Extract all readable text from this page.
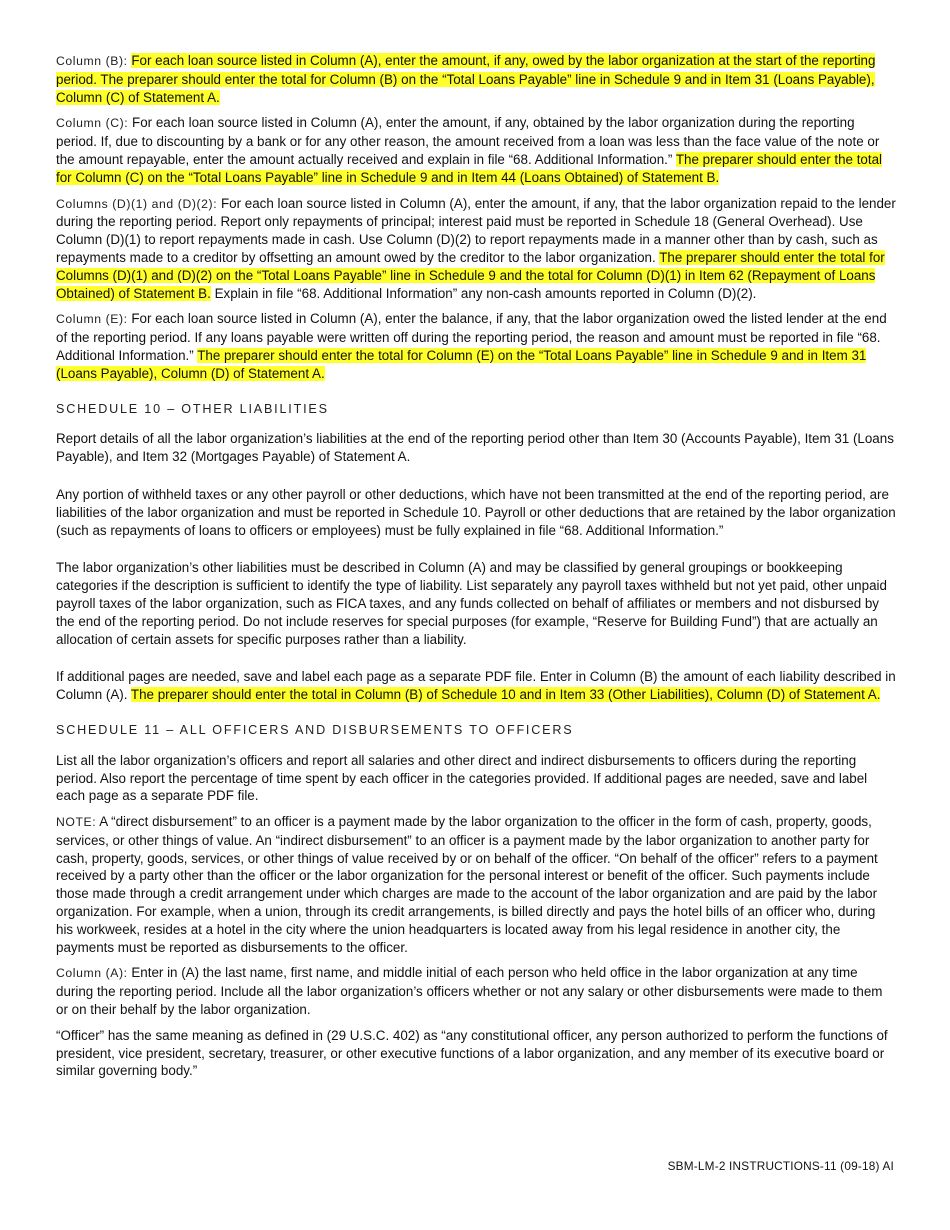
Column (B): For each loan source listed in Column (A), enter the amount, if any, owed by the labor organization at the start of the reporting period. The preparer should enter the total for Column (B) on the “Total Loans Payable” line in Schedule 9 and in Item 31 (Loans Payable), Column (C) of Statement A.

Column (C): For each loan source listed in Column (A), enter the amount, if any, obtained by the labor organization during the reporting period. If, due to discounting by a bank or for any other reason, the amount received from a loan was less than the face value of the note or the amount repayable, enter the amount actually received and explain in file “68. Additional Information.” The preparer should enter the total for Column (C) on the “Total Loans Payable” line in Schedule 9 and in Item 44 (Loans Obtained) of Statement B.

Columns (D)(1) and (D)(2): For each loan source listed in Column (A), enter the amount, if any, that the labor organization repaid to the lender during the reporting period. Report only repayments of principal; interest paid must be reported in Schedule 18 (General Overhead). Use Column (D)(1) to report repayments made in cash. Use Column (D)(2) to report repayments made in a manner other than by cash, such as repayments made to a creditor by offsetting an amount owed by the creditor to the labor organization. The preparer should enter the total for Columns (D)(1) and (D)(2) on the “Total Loans Payable” line in Schedule 9 and the total for Column (D)(1) in Item 62 (Repayment of Loans Obtained) of Statement B. Explain in file “68. Additional Information” any non-cash amounts reported in Column (D)(2).

Column (E): For each loan source listed in Column (A), enter the balance, if any, that the labor organization owed the listed lender at the end of the reporting period. If any loans payable were written off during the reporting period, the reason and amount must be reported in file “68. Additional Information.” The preparer should enter the total for Column (E) on the “Total Loans Payable” line in Schedule 9 and in Item 31 (Loans Payable), Column (D) of Statement A.

SCHEDULE 10 – OTHER LIABILITIES

Report details of all the labor organization’s liabilities at the end of the reporting period other than Item 30 (Accounts Payable), Item 31 (Loans Payable), and Item 32 (Mortgages Payable) of Statement A.

Any portion of withheld taxes or any other payroll or other deductions, which have not been transmitted at the end of the reporting period, are liabilities of the labor organization and must be reported in Schedule 10. Payroll or other deductions that are retained by the labor organization (such as repayments of loans to officers or employees) must be fully explained in file “68. Additional Information.”

The labor organization’s other liabilities must be described in Column (A) and may be classified by general groupings or bookkeeping categories if the description is sufficient to identify the type of liability. List separately any payroll taxes withheld but not yet paid, other unpaid payroll taxes of the labor organization, such as FICA taxes, and any funds collected on behalf of affiliates or members and not disbursed by the end of the reporting period. Do not include reserves for special purposes (for example, “Reserve for Building Fund”) that are actually an allocation of certain assets for specific purposes rather than a liability.

If additional pages are needed, save and label each page as a separate PDF file. Enter in Column (B) the amount of each liability described in Column (A). The preparer should enter the total in Column (B) of Schedule 10 and in Item 33 (Other Liabilities), Column (D) of Statement A.

SCHEDULE 11 – ALL OFFICERS AND DISBURSEMENTS TO OFFICERS

List all the labor organization’s officers and report all salaries and other direct and indirect disbursements to officers during the reporting period. Also report the percentage of time spent by each officer in the categories provided. If additional pages are needed, save and label each page as a separate PDF file.

NOTE: A “direct disbursement” to an officer is a payment made by the labor organization to the officer in the form of cash, property, goods, services, or other things of value. An “indirect disbursement” to an officer is a payment made by the labor organization to another party for cash, property, goods, services, or other things of value received by or on behalf of the officer. “On behalf of the officer” refers to a payment received by a party other than the officer or the labor organization for the personal interest or benefit of the officer. Such payments include those made through a credit arrangement under which charges are made to the account of the labor organization and are paid by the labor organization. For example, when a union, through its credit arrangements, is billed directly and pays the hotel bills of an officer who, during his workweek, resides at a hotel in the city where the union headquarters is located away from his legal residence in another city, the payments must be reported as disbursements to the officer.

Column (A): Enter in (A) the last name, first name, and middle initial of each person who held office in the labor organization at any time during the reporting period. Include all the labor organization’s officers whether or not any salary or other disbursements were made to them or on their behalf by the labor organization.

“Officer” has the same meaning as defined in (29 U.S.C. 402) as “any constitutional officer, any person authorized to perform the functions of president, vice president, secretary, treasurer, or other executive functions of a labor organization, and any member of its executive board or similar governing body.”

SBM-LM-2 INSTRUCTIONS-11 (09-18) AI
